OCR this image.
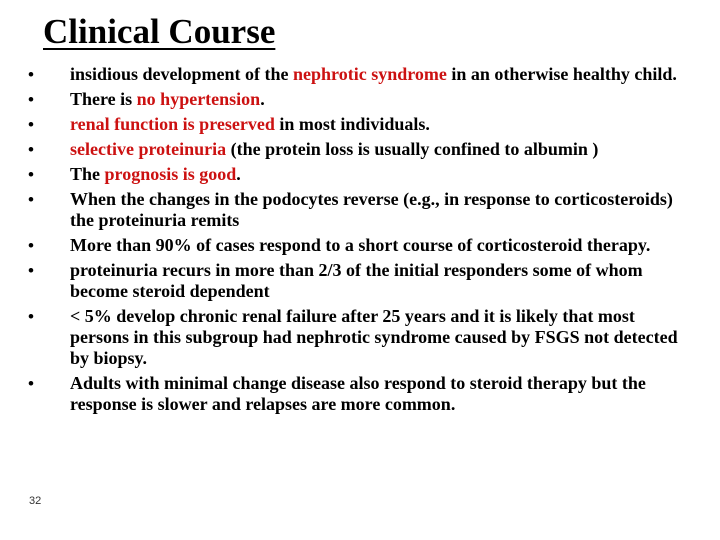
Clinical Course
• insidious development of the nephrotic syndrome in an otherwise healthy child.
• There is no hypertension.
• renal function is preserved in most individuals.
• selective proteinuria (the protein loss is usually confined to albumin )
• The prognosis is good.
• When the changes in the podocytes reverse (e.g., in response to corticosteroids) the proteinuria remits
• More than 90% of cases respond to a short course of corticosteroid therapy.
• proteinuria recurs in more than 2/3 of the initial responders some of whom become steroid dependent
• < 5% develop chronic renal failure after 25 years and it is likely that most persons in this subgroup had nephrotic syndrome caused by FSGS not detected by biopsy.
• Adults with minimal change disease also respond to steroid therapy but the response is slower and relapses are more common.
32
